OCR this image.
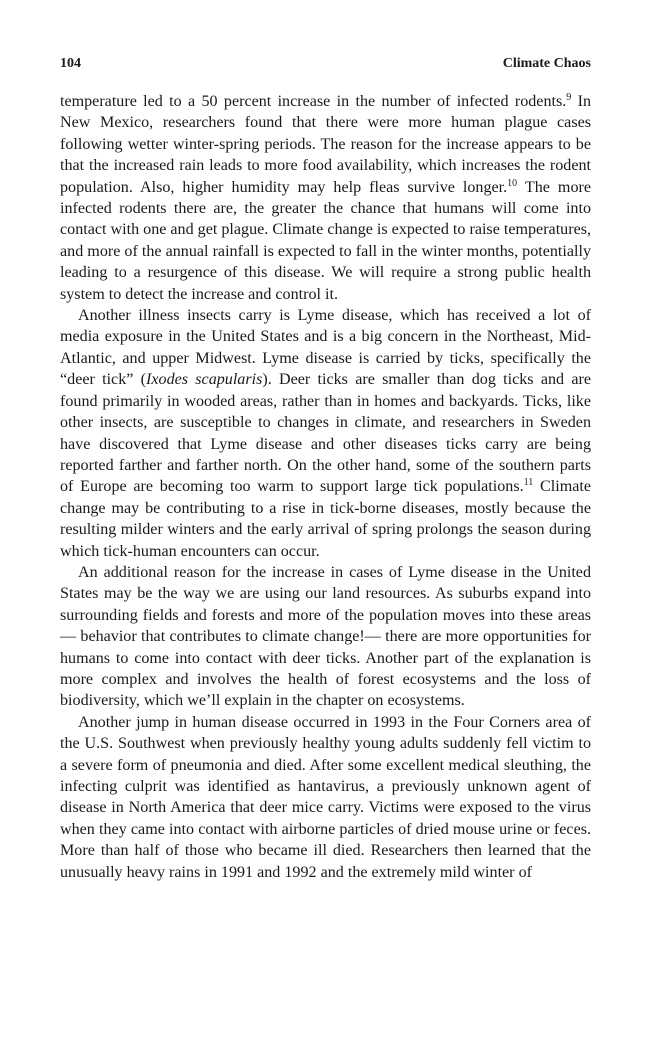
104	Climate Chaos

temperature led to a 50 percent increase in the number of infected rodents.$^9$ In New Mexico, researchers found that there were more human plague cases following wetter winter-spring periods. The reason for the increase appears to be that the increased rain leads to more food availability, which increases the rodent population. Also, higher humidity may help fleas survive longer.$^{10}$ The more infected rodents there are, the greater the chance that humans will come into contact with one and get plague. Climate change is expected to raise temperatures, and more of the annual rainfall is expected to fall in the winter months, potentially leading to a resurgence of this disease. We will require a strong public health system to detect the increase and control it.

Another illness insects carry is Lyme disease, which has received a lot of media exposure in the United States and is a big concern in the Northeast, Mid-Atlantic, and upper Midwest. Lyme disease is carried by ticks, specifically the “deer tick” (Ixodes scapularis). Deer ticks are smaller than dog ticks and are found primarily in wooded areas, rather than in homes and backyards. Ticks, like other insects, are susceptible to changes in climate, and researchers in Sweden have discovered that Lyme disease and other diseases ticks carry are being reported farther and farther north. On the other hand, some of the southern parts of Europe are becoming too warm to support large tick populations.$^{11}$ Climate change may be contributing to a rise in tick-borne diseases, mostly because the resulting milder winters and the early arrival of spring prolongs the season during which tick-human encounters can occur.

An additional reason for the increase in cases of Lyme disease in the United States may be the way we are using our land resources. As suburbs expand into surrounding fields and forests and more of the population moves into these areas— behavior that contributes to climate change!— there are more opportunities for humans to come into contact with deer ticks. Another part of the explanation is more complex and involves the health of forest ecosystems and the loss of biodiversity, which we’ll explain in the chapter on ecosystems.

Another jump in human disease occurred in 1993 in the Four Corners area of the U.S. Southwest when previously healthy young adults suddenly fell victim to a severe form of pneumonia and died. After some excellent medical sleuthing, the infecting culprit was identified as hantavirus, a previously unknown agent of disease in North America that deer mice carry. Victims were exposed to the virus when they came into contact with airborne particles of dried mouse urine or feces. More than half of those who became ill died. Researchers then learned that the unusually heavy rains in 1991 and 1992 and the extremely mild winter of
